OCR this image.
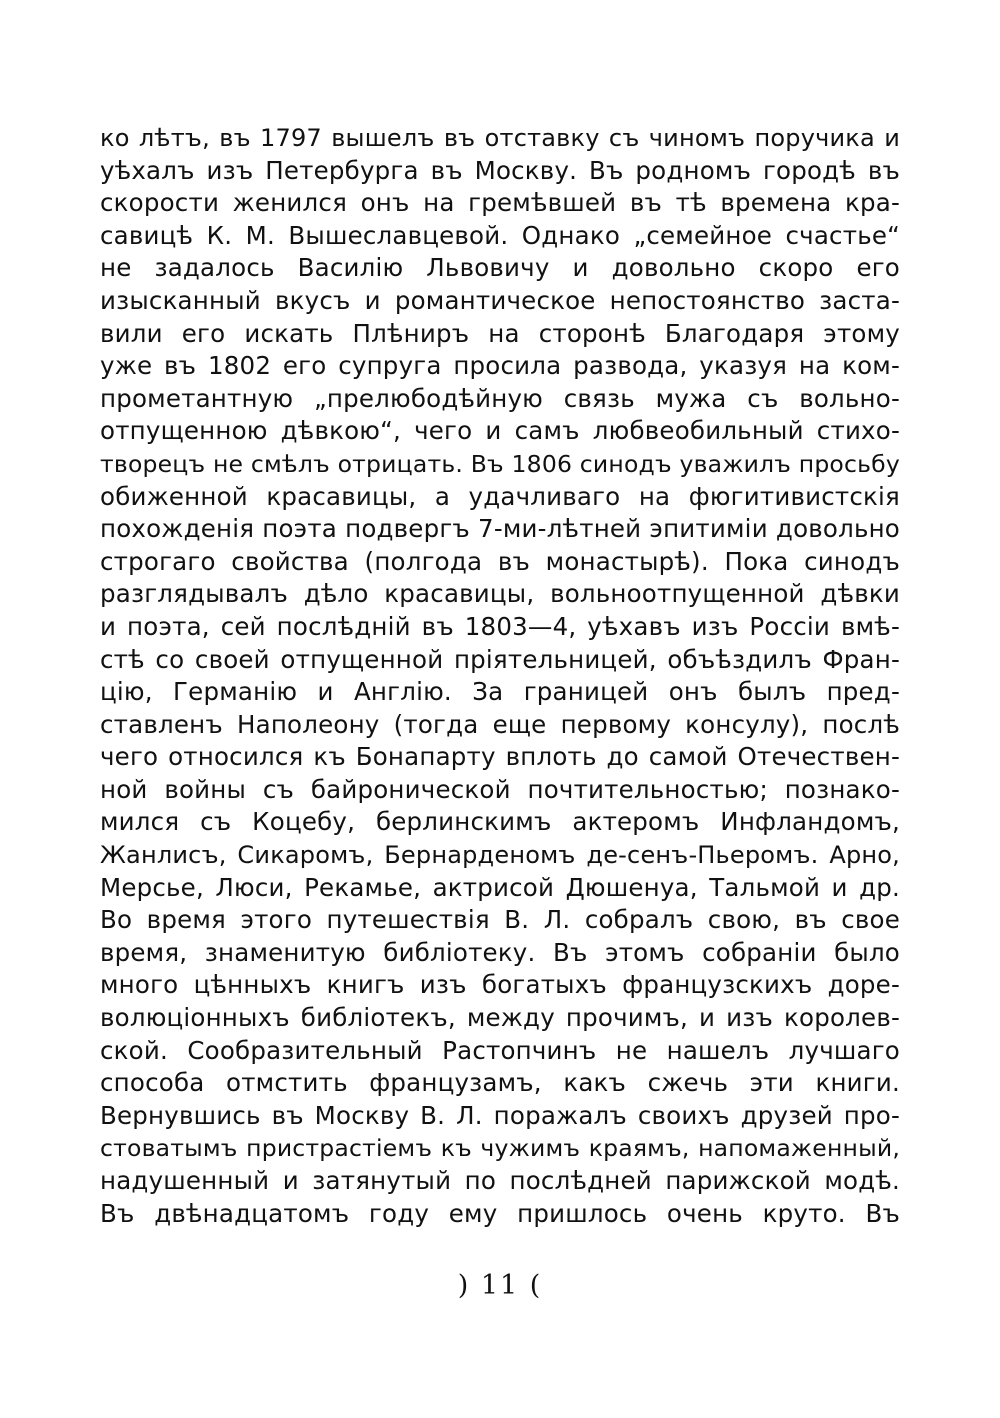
ко лѣтъ, въ 1797 вышелъ въ отставку съ чиномъ поручика и
уѣхалъ изъ Петербурга въ Москву. Въ родномъ городѣ въ
скорости женился онъ на гремѣвшей въ тѣ времена кра-
савицѣ К. М. Вышеславцевой. Однако „семейное счастье“
не задалось Василію Львовичу и довольно скоро его
изысканный вкусъ и романтическое непостоянство заста-
вили его искать Плѣниръ на сторонѣ Благодаря этому
уже въ 1802 его супруга просила развода, указуя на ком-
прометантную „прелюбодѣйную связь мужа съ вольно-
отпущенною дѣвкою“, чего и самъ любвеобильный стихо-
творецъ не смѣлъ отрицать. Въ 1806 синодъ уважилъ просьбу
обиженной красавицы, а удачливаго на фюгитивистскія
похожденія поэта подвергъ 7-ми-лѣтней эпитиміи довольно
строгаго свойства (полгода въ монастырѣ). Пока синодъ
разглядывалъ дѣло красавицы, вольноотпущенной дѣвки
и поэта, сей послѣдній въ 1803—4, уѣхавъ изъ Россіи вмѣ-
стѣ со своей отпущенной пріятельницей, объѣздилъ Фран-
цію, Германію и Англію. За границей онъ былъ пред-
ставленъ Наполеону (тогда еще первому консулу), послѣ
чего относился къ Бонапарту вплоть до самой Отечествен-
ной войны съ байронической почтительностью; познако-
мился съ Коцебу, берлинскимъ актеромъ Инфландомъ,
Жанлисъ, Сикаромъ, Бернарденомъ де-сенъ-Пьеромъ. Арно,
Мерсье, Люси, Рекамье, актрисой Дюшенуа, Тальмой и др.
Во время этого путешествія В. Л. собралъ свою, въ свое
время, знаменитую библіотеку. Въ этомъ собраніи было
много цѣнныхъ книгъ изъ богатыхъ французскихъ доре-
волюціонныхъ библіотекъ, между прочимъ, и изъ королев-
ской. Сообразительный Растопчинъ не нашелъ лучшаго
способа отмстить французамъ, какъ сжечь эти книги.
Вернувшись въ Москву В. Л. поражалъ своихъ друзей про-
стоватымъ пристрастіемъ къ чужимъ краямъ, напомаженный,
надушенный и затянутый по послѣдней парижской модѣ.
Въ двѣнадцатомъ году ему пришлось очень круто. Въ
) 11 (
